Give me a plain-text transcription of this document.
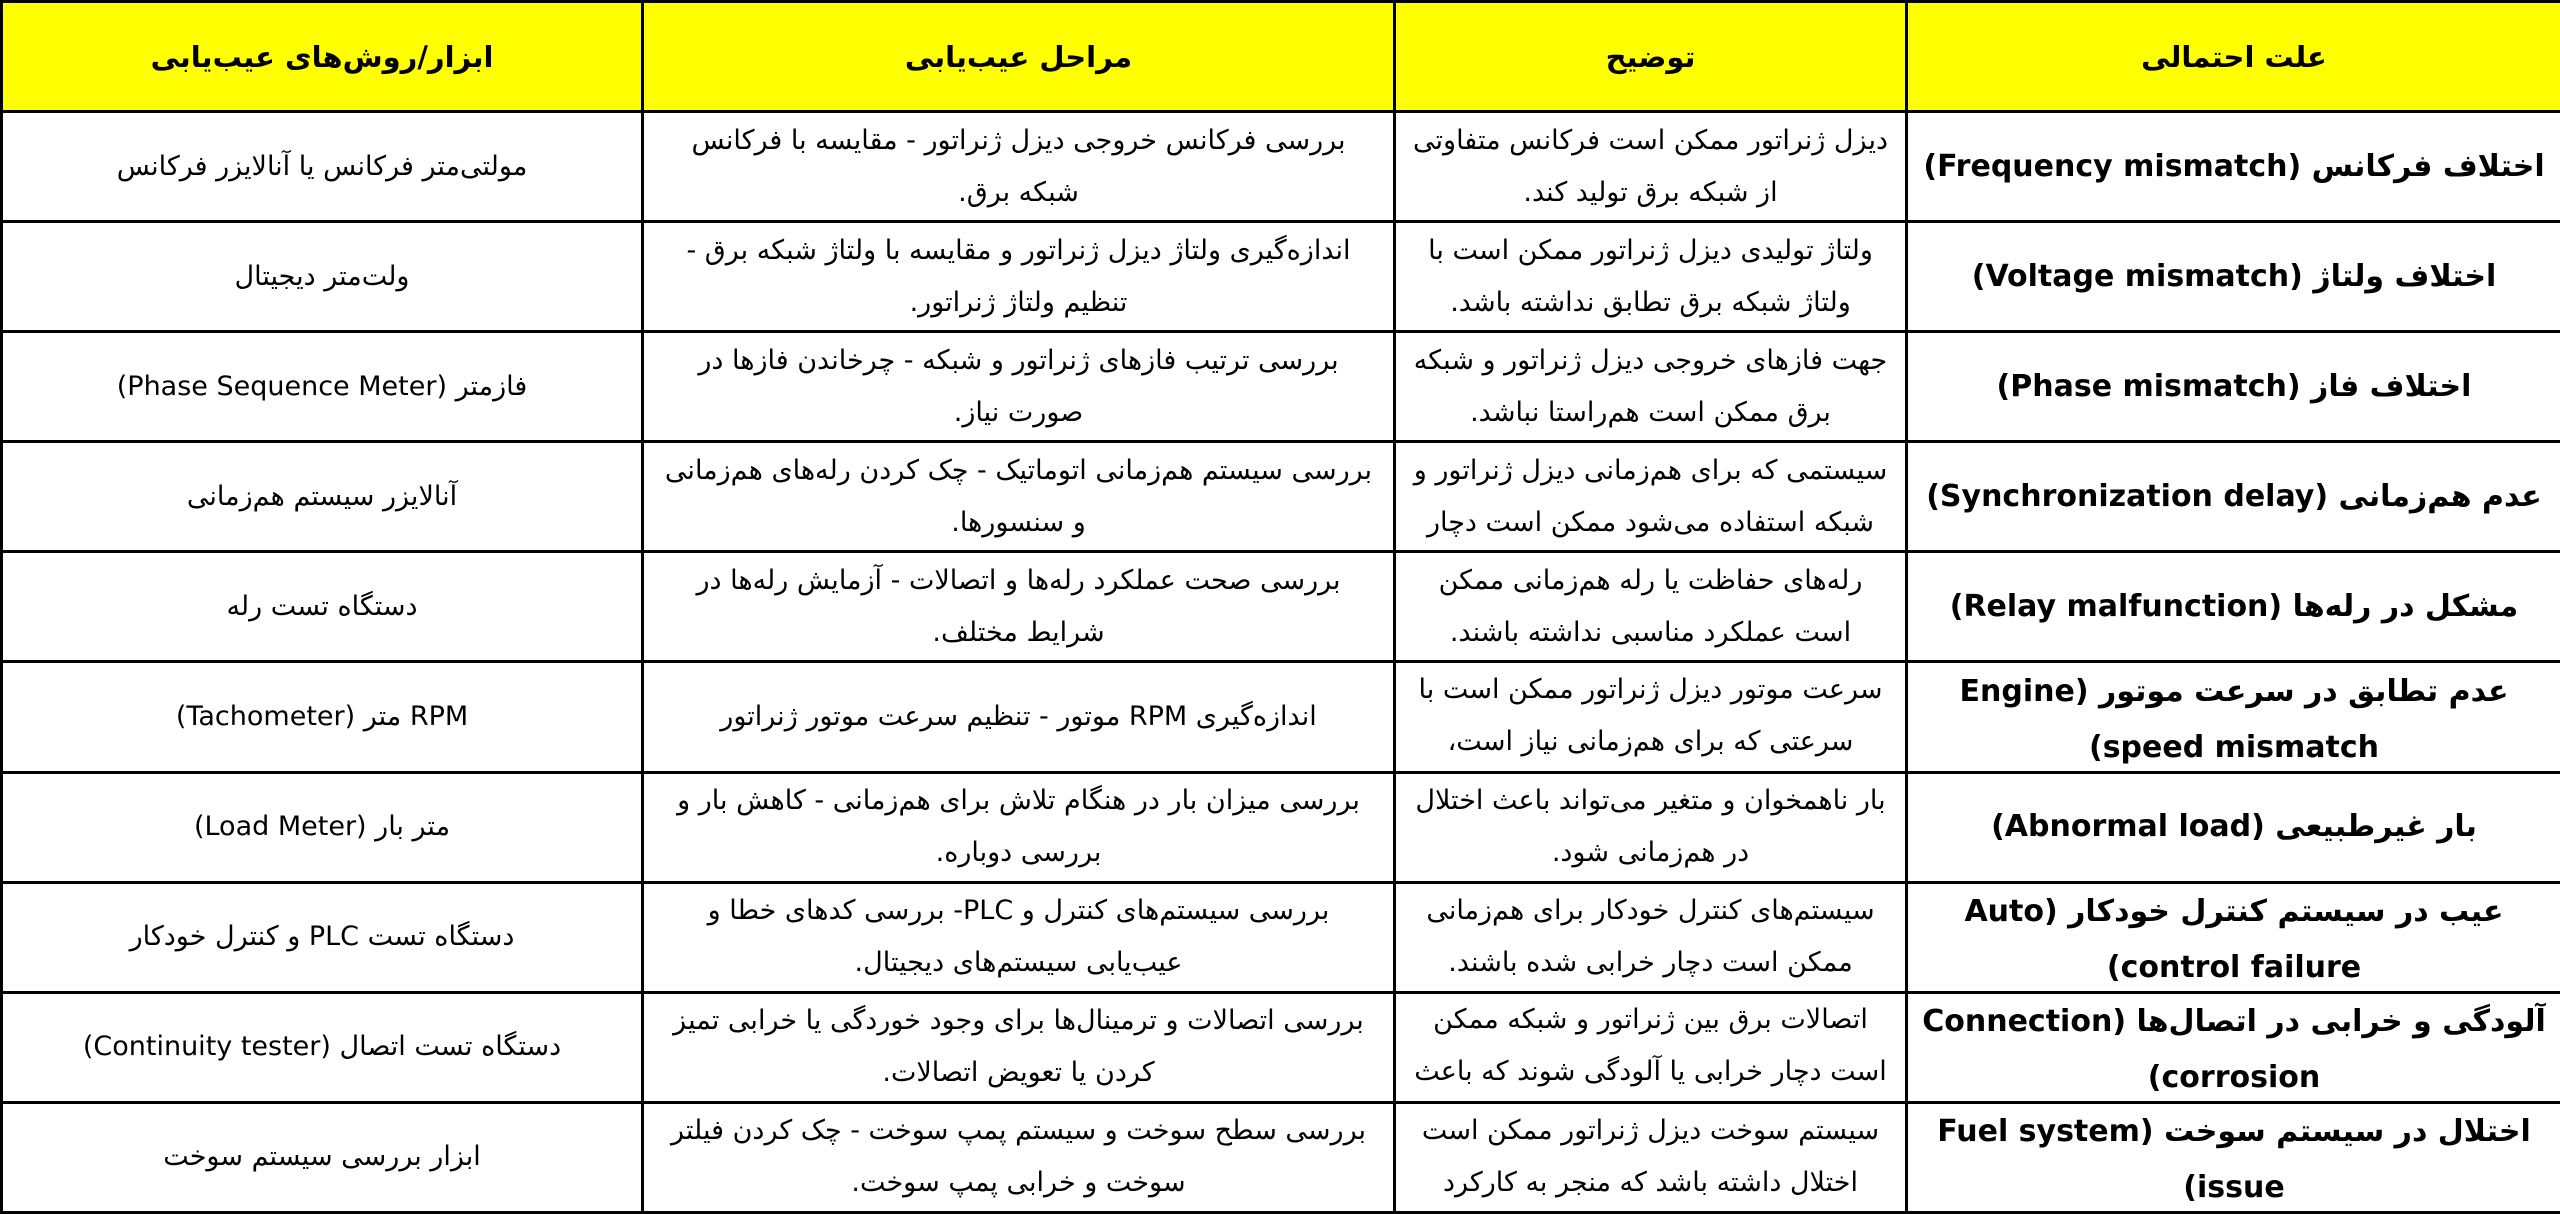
علت احتمالی	توضیح	مراحل عیب‌یابی	ابزار/روش‌های عیب‌یابی

اختلاف فرکانس (Frequency mismatch)	دیزل ژنراتور ممکن است فرکانس متفاوتی از شبکه برق تولید کند.	بررسی فرکانس خروجی دیزل ژنراتور - مقایسه با فرکانس شبکه برق.	مولتی‌متر فرکانس یا آنالایزر فرکانس

اختلاف ولتاژ (Voltage mismatch)	ولتاژ تولیدی دیزل ژنراتور ممکن است با ولتاژ شبکه برق تطابق نداشته باشد.	اندازه‌گیری ولتاژ دیزل ژنراتور و مقایسه با ولتاژ شبکه برق - تنظیم ولتاژ ژنراتور.	ولت‌متر دیجیتال

اختلاف فاز (Phase mismatch)	جهت فازهای خروجی دیزل ژنراتور و شبکه برق ممکن است هم‌راستا نباشد.	بررسی ترتیب فازهای ژنراتور و شبکه - چرخاندن فازها در صورت نیاز.	فازمتر (Phase Sequence Meter)

عدم هم‌زمانی (Synchronization delay)	سیستمی که برای هم‌زمانی دیزل ژنراتور و شبکه استفاده می‌شود ممکن است دچار	بررسی سیستم هم‌زمانی اتوماتیک - چک کردن رله‌های هم‌زمانی و سنسورها.	آنالایزر سیستم هم‌زمانی

مشکل در رله‌ها (Relay malfunction)	رله‌های حفاظت یا رله هم‌زمانی ممکن است عملکرد مناسبی نداشته باشند.	بررسی صحت عملکرد رله‌ها و اتصالات - آزمایش رله‌ها در شرایط مختلف.	دستگاه تست رله

عدم تطابق در سرعت موتور (Engine speed mismatch)	سرعت موتور دیزل ژنراتور ممکن است با سرعتی که برای هم‌زمانی نیاز است،	اندازه‌گیری RPM موتور - تنظیم سرعت موتور ژنراتور	RPM متر (Tachometer)

بار غیرطبیعی (Abnormal load)	بار ناهمخوان و متغیر می‌تواند باعث اختلال در هم‌زمانی شود.	بررسی میزان بار در هنگام تلاش برای هم‌زمانی - کاهش بار و بررسی دوباره.	متر بار (Load Meter)

عیب در سیستم کنترل خودکار (Auto control failure)	سیستم‌های کنترل خودکار برای هم‌زمانی ممکن است دچار خرابی شده باشند.	بررسی سیستم‌های کنترل و PLC- بررسی کدهای خطا و عیب‌یابی سیستم‌های دیجیتال.	دستگاه تست PLC و کنترل خودکار

آلودگی و خرابی در اتصال‌ها (Connection corrosion)	اتصالات برق بین ژنراتور و شبکه ممکن است دچار خرابی یا آلودگی شوند که باعث	بررسی اتصالات و ترمینال‌ها برای وجود خوردگی یا خرابی تمیز کردن یا تعویض اتصالات.	دستگاه تست اتصال (Continuity tester)

اختلال در سیستم سوخت (Fuel system issue)	سیستم سوخت دیزل ژنراتور ممکن است اختلال داشته باشد که منجر به کارکرد	بررسی سطح سوخت و سیستم پمپ سوخت - چک کردن فیلتر سوخت و خرابی پمپ سوخت.	ابزار بررسی سیستم سوخت
